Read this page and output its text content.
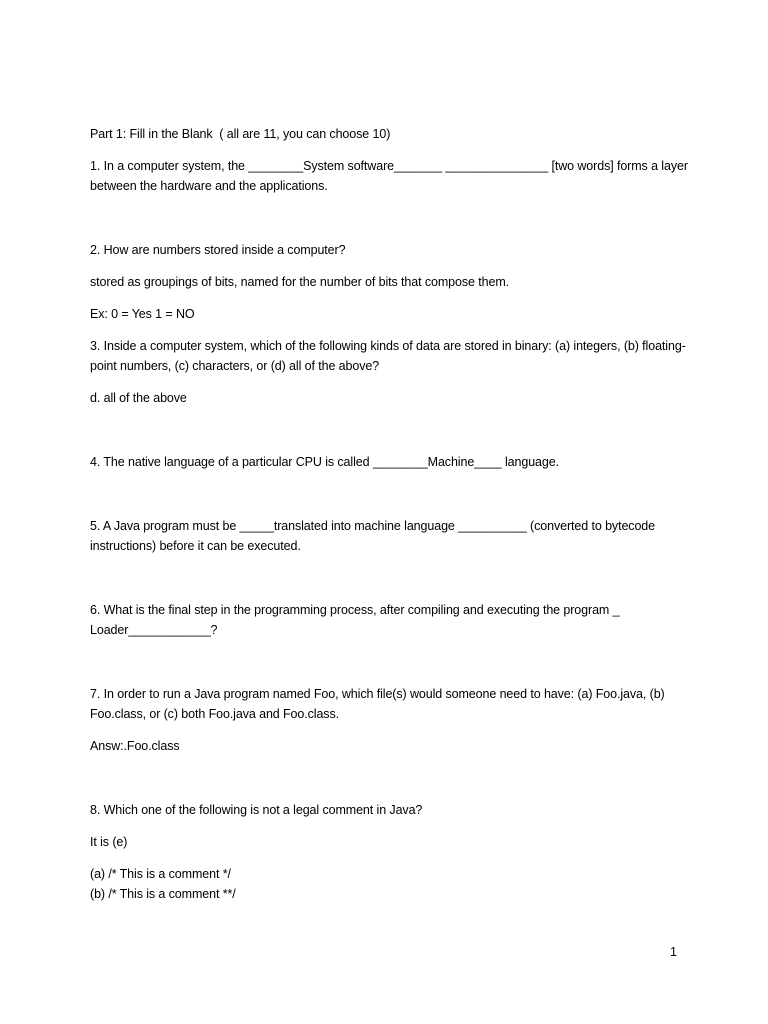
Part 1: Fill in the Blank  ( all are 11, you can choose 10)

1. In a computer system, the ________System software_______ _______________ [two words] forms a layer between the hardware and the applications.

2. How are numbers stored inside a computer?

stored as groupings of bits, named for the number of bits that compose them.

Ex: 0 = Yes 1 = NO

3. Inside a computer system, which of the following kinds of data are stored in binary: (a) integers, (b) floating-point numbers, (c) characters, or (d) all of the above?

d. all of the above

4. The native language of a particular CPU is called ________Machine____ language.

5. A Java program must be _____translated into machine language __________ (converted to bytecode instructions) before it can be executed.

6. What is the final step in the programming process, after compiling and executing the program _ Loader____________?

7. In order to run a Java program named Foo, which file(s) would someone need to have: (a) Foo.java, (b) Foo.class, or (c) both Foo.java and Foo.class.

Answ:.Foo.class

8. Which one of the following is not a legal comment in Java?

It is (e)

(a) /* This is a comment */

(b) /* This is a comment **/

1
